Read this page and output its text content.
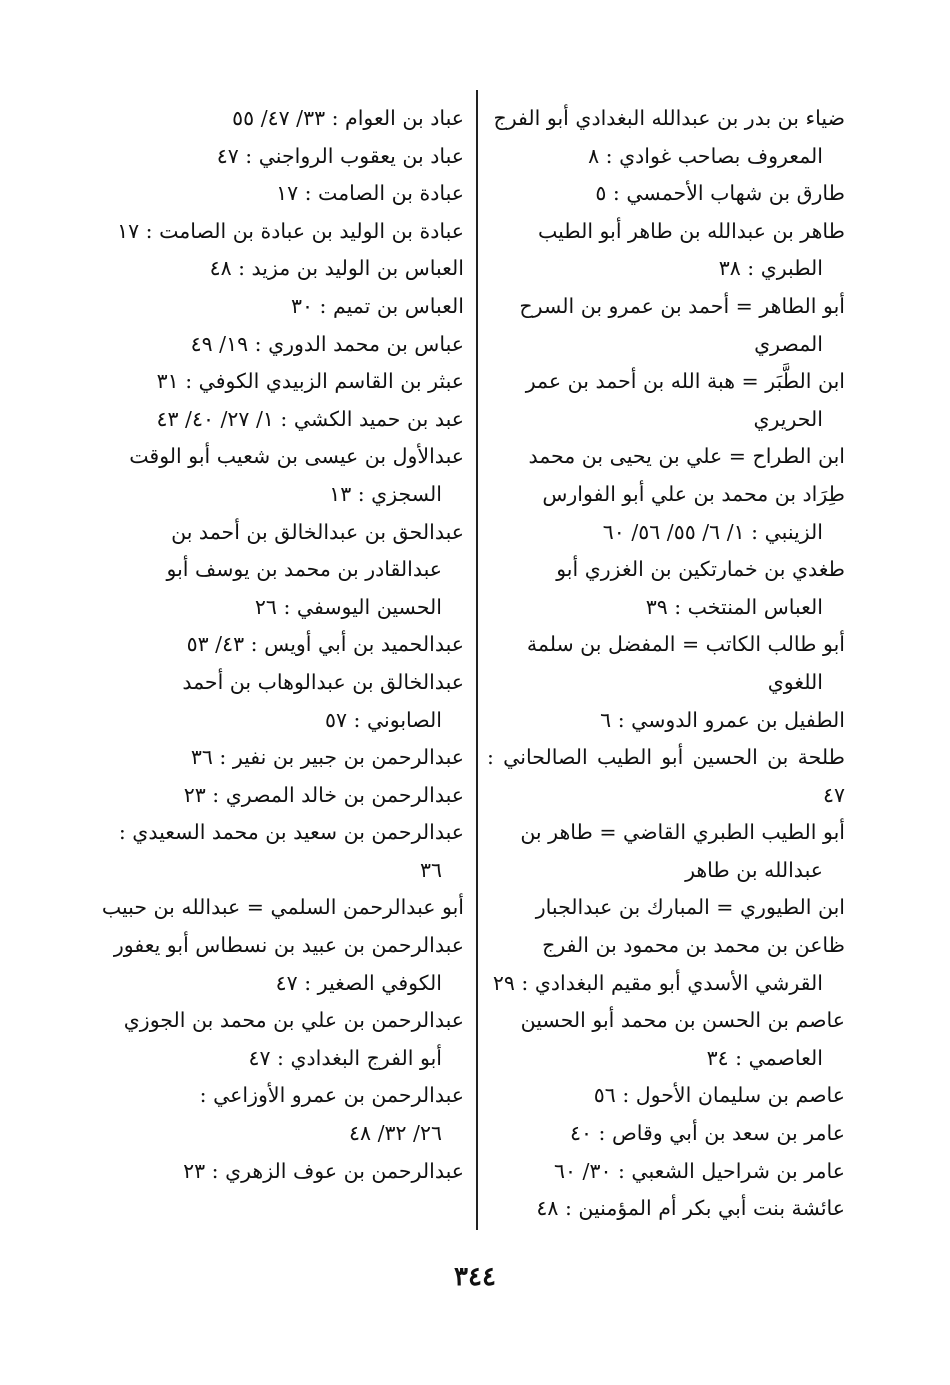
ضياء بن بدر بن عبدالله البغدادي أبو الفرج
المعروف بصاحب غوادي : ٨
طارق بن شهاب الأحمسي : ٥
طاهر بن عبدالله بن طاهر أبو الطيب
الطبري : ٣٨
أبو الطاهر = أحمد بن عمرو بن السرح
المصري
ابن الطَّبَر = هبة الله بن أحمد بن عمر
الحريري
ابن الطراح = علي بن يحيى بن محمد
طِرَاد بن محمد بن علي أبو الفوارس
الزينبي : ١/ ٦/ ٥٥/ ٥٦/ ٦٠
طغدي بن خمارتكين بن الغزري أبو
العباس المنتخب : ٣٩
أبو طالب الكاتب = المفضل بن سلمة
اللغوي
الطفيل بن عمرو الدوسي : ٦
طلحة بن الحسين أبو الطيب الصالحاني : ٤٧
أبو الطيب الطبري القاضي = طاهر بن
عبدالله بن طاهر
ابن الطيوري = المبارك بن عبدالجبار
ظاعن بن محمد بن محمود بن الفرج
القرشي الأسدي أبو مقيم البغدادي : ٢٩
عاصم بن الحسن بن محمد أبو الحسين
العاصمي : ٣٤
عاصم بن سليمان الأحول : ٥٦
عامر بن سعد بن أبي وقاص : ٤٠
عامر بن شراحيل الشعبي : ٣٠/ ٦٠
عائشة بنت أبي بكر أم المؤمنين : ٤٨
عباد بن العوام : ٣٣/ ٤٧/ ٥٥
عباد بن يعقوب الرواجني : ٤٧
عبادة بن الصامت : ١٧
عبادة بن الوليد بن عبادة بن الصامت : ١٧
العباس بن الوليد بن مزيد : ٤٨
العباس بن تميم : ٣٠
عباس بن محمد الدوري : ١٩/ ٤٩
عبثر بن القاسم الزبيدي الكوفي : ٣١
عبد بن حميد الكشي : ١/ ٢٧/ ٤٠/ ٤٣
عبدالأول بن عيسى بن شعيب أبو الوقت
السجزي : ١٣
عبدالحق بن عبدالخالق بن أحمد بن
عبدالقادر بن محمد بن يوسف أبو
الحسين اليوسفي : ٢٦
عبدالحميد بن أبي أويس : ٤٣/ ٥٣
عبدالخالق بن عبدالوهاب بن أحمد
الصابوني : ٥٧
عبدالرحمن بن جبير بن نفير : ٣٦
عبدالرحمن بن خالد المصري : ٢٣
عبدالرحمن بن سعيد بن محمد السعيدي :
٣٦
أبو عبدالرحمن السلمي = عبدالله بن حبيب
عبدالرحمن بن عبيد بن نسطاس أبو يعفور
الكوفي الصغير : ٤٧
عبدالرحمن بن علي بن محمد بن الجوزي
أبو الفرج البغدادي : ٤٧
عبدالرحمن بن عمرو الأوزاعي :
٢٦/ ٣٢/ ٤٨
عبدالرحمن بن عوف الزهري : ٢٣
٣٤٤
